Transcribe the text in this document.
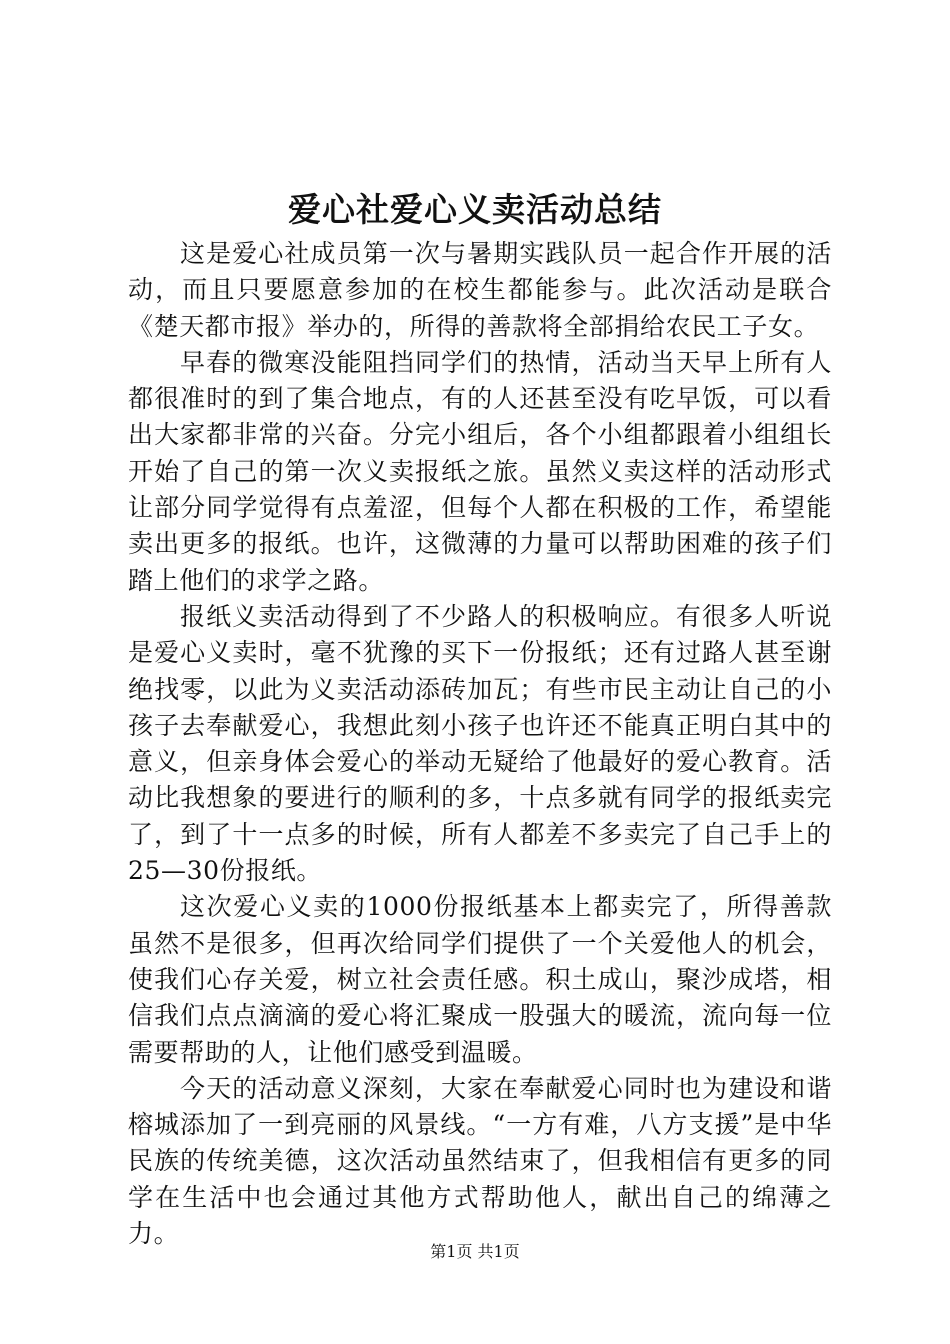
爱心社爱心义卖活动总结

这是爱心社成员第一次与暑期实践队员一起合作开展的活动，而且只要愿意参加的在校生都能参与。此次活动是联合《楚天都市报》举办的，所得的善款将全部捐给农民工子女。

早春的微寒没能阻挡同学们的热情，活动当天早上所有人都很准时的到了集合地点，有的人还甚至没有吃早饭，可以看出大家都非常的兴奋。分完小组后，各个小组都跟着小组组长开始了自己的第一次义卖报纸之旅。虽然义卖这样的活动形式让部分同学觉得有点羞涩，但每个人都在积极的工作，希望能卖出更多的报纸。也许，这微薄的力量可以帮助困难的孩子们踏上他们的求学之路。

报纸义卖活动得到了不少路人的积极响应。有很多人听说是爱心义卖时，毫不犹豫的买下一份报纸；还有过路人甚至谢绝找零，以此为义卖活动添砖加瓦；有些市民主动让自己的小孩子去奉献爱心，我想此刻小孩子也许还不能真正明白其中的意义，但亲身体会爱心的举动无疑给了他最好的爱心教育。活动比我想象的要进行的顺利的多，十点多就有同学的报纸卖完了，到了十一点多的时候，所有人都差不多卖完了自己手上的25—30份报纸。

这次爱心义卖的1000份报纸基本上都卖完了，所得善款虽然不是很多，但再次给同学们提供了一个关爱他人的机会，使我们心存关爱，树立社会责任感。积土成山，聚沙成塔，相信我们点点滴滴的爱心将汇聚成一股强大的暖流，流向每一位需要帮助的人，让他们感受到温暖。

今天的活动意义深刻，大家在奉献爱心同时也为建设和谐榕城添加了一到亮丽的风景线。“一方有难，八方支援”是中华民族的传统美德，这次活动虽然结束了，但我相信有更多的同学在生活中也会通过其他方式帮助他人，献出自己的绵薄之力。

第1页 共1页
